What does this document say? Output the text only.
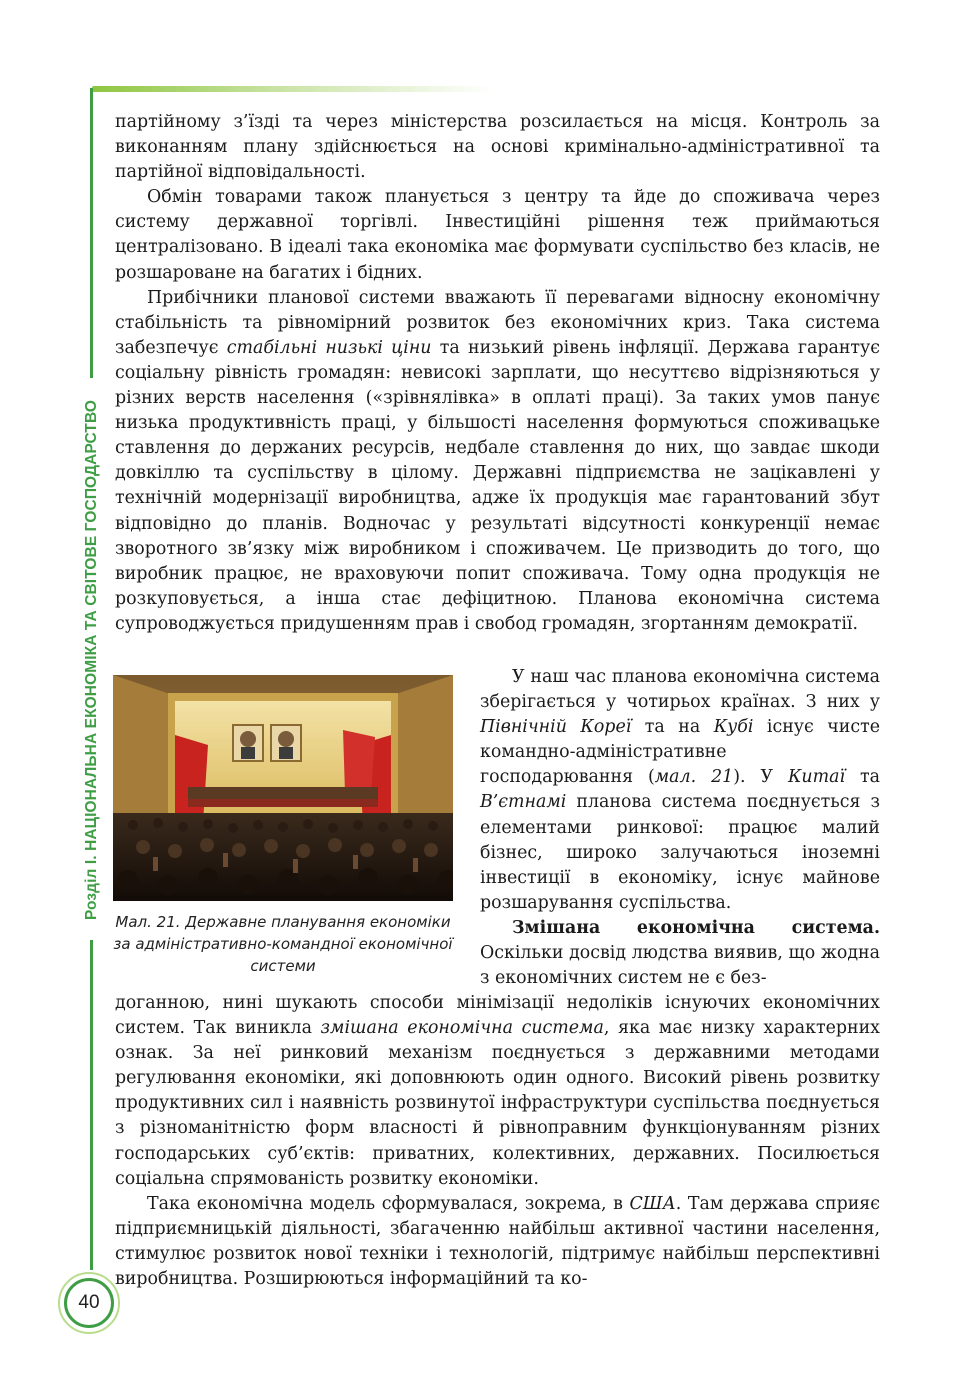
Розділ І. НАЦІОНАЛЬНА ЕКОНОМІКА ТА СВІТОВЕ ГОСПОДАРСТВО

партійному з’їзді та через міністерства розсилається на місця. Контроль за виконанням плану здійснюється на основі кримінально-адміністративної та партійної відповідальності.

Обмін товарами також планується з центру та йде до споживача через систему державної торгівлі. Інвестиційні рішення теж приймаються централізовано. В ідеалі така економіка має формувати суспільство без класів, не розшароване на багатих і бідних.

Прибічники планової системи вважають її перевагами відносну економічну стабільність та рівномірний розвиток без економічних криз. Така система забезпечує стабільні низькі ціни та низький рівень інфляції. Держава гарантує соціальну рівність громадян: невисокі зарплати, що несуттєво відрізняються у різних верств населення («зрівнялівка» в оплаті праці). За таких умов панує низька продуктивність праці, у більшості населення формуються споживацьке ставлення до держаних ресурсів, недбале ставлення до них, що завдає шкоди довкіллю та суспільству в цілому. Державні підприємства не зацікавлені у технічній модернізації виробництва, адже їх продукція має гарантований збут відповідно до планів. Водночас у результаті відсутності конкуренції немає зворотного зв’язку між виробником і споживачем. Це призводить до того, що виробник працює, не враховуючи попит споживача. Тому одна продукція не розкуповується, а інша стає дефіцитною. Планова економічна система супроводжується придушенням прав і свобод громадян, згортанням демократії.

Мал. 21. Державне планування економіки за адміністративно-командної економічної системи

У наш час планова економічна система зберігається у чотирьох країнах. З них у Північній Кореї та на Кубі існує чисте командно-адміністративне господарювання (мал. 21). У Китаї та В’єтнамі планова система поєднується з елементами ринкової: працює малий бізнес, широко залучаються іноземні інвестиції в економіку, існує майнове розшарування суспільства.

Змішана економічна система. Оскільки досвід людства виявив, що жодна з економічних систем не є без-

доганною, нині шукають способи мінімізації недоліків існуючих економічних систем. Так виникла змішана економічна система, яка має низку характерних ознак. За неї ринковий механізм поєднується з державними методами регулювання економіки, які доповнюють один одного. Високий рівень розвитку продуктивних сил і наявність розвинутої інфраструктури суспільства поєднується з різноманітністю форм власності й рівноправним функціонуванням різних господарських суб’єктів: приватних, колективних, державних. Посилюється соціальна спрямованість розвитку економіки.

Така економічна модель сформувалася, зокрема, в США. Там держава сприяє підприємницькій діяльності, збагаченню найбільш активної частини населення, стимулює розвиток нової техніки і технологій, підтримує найбільш перспективні виробництва. Розширюються інформаційний та ко-

40
